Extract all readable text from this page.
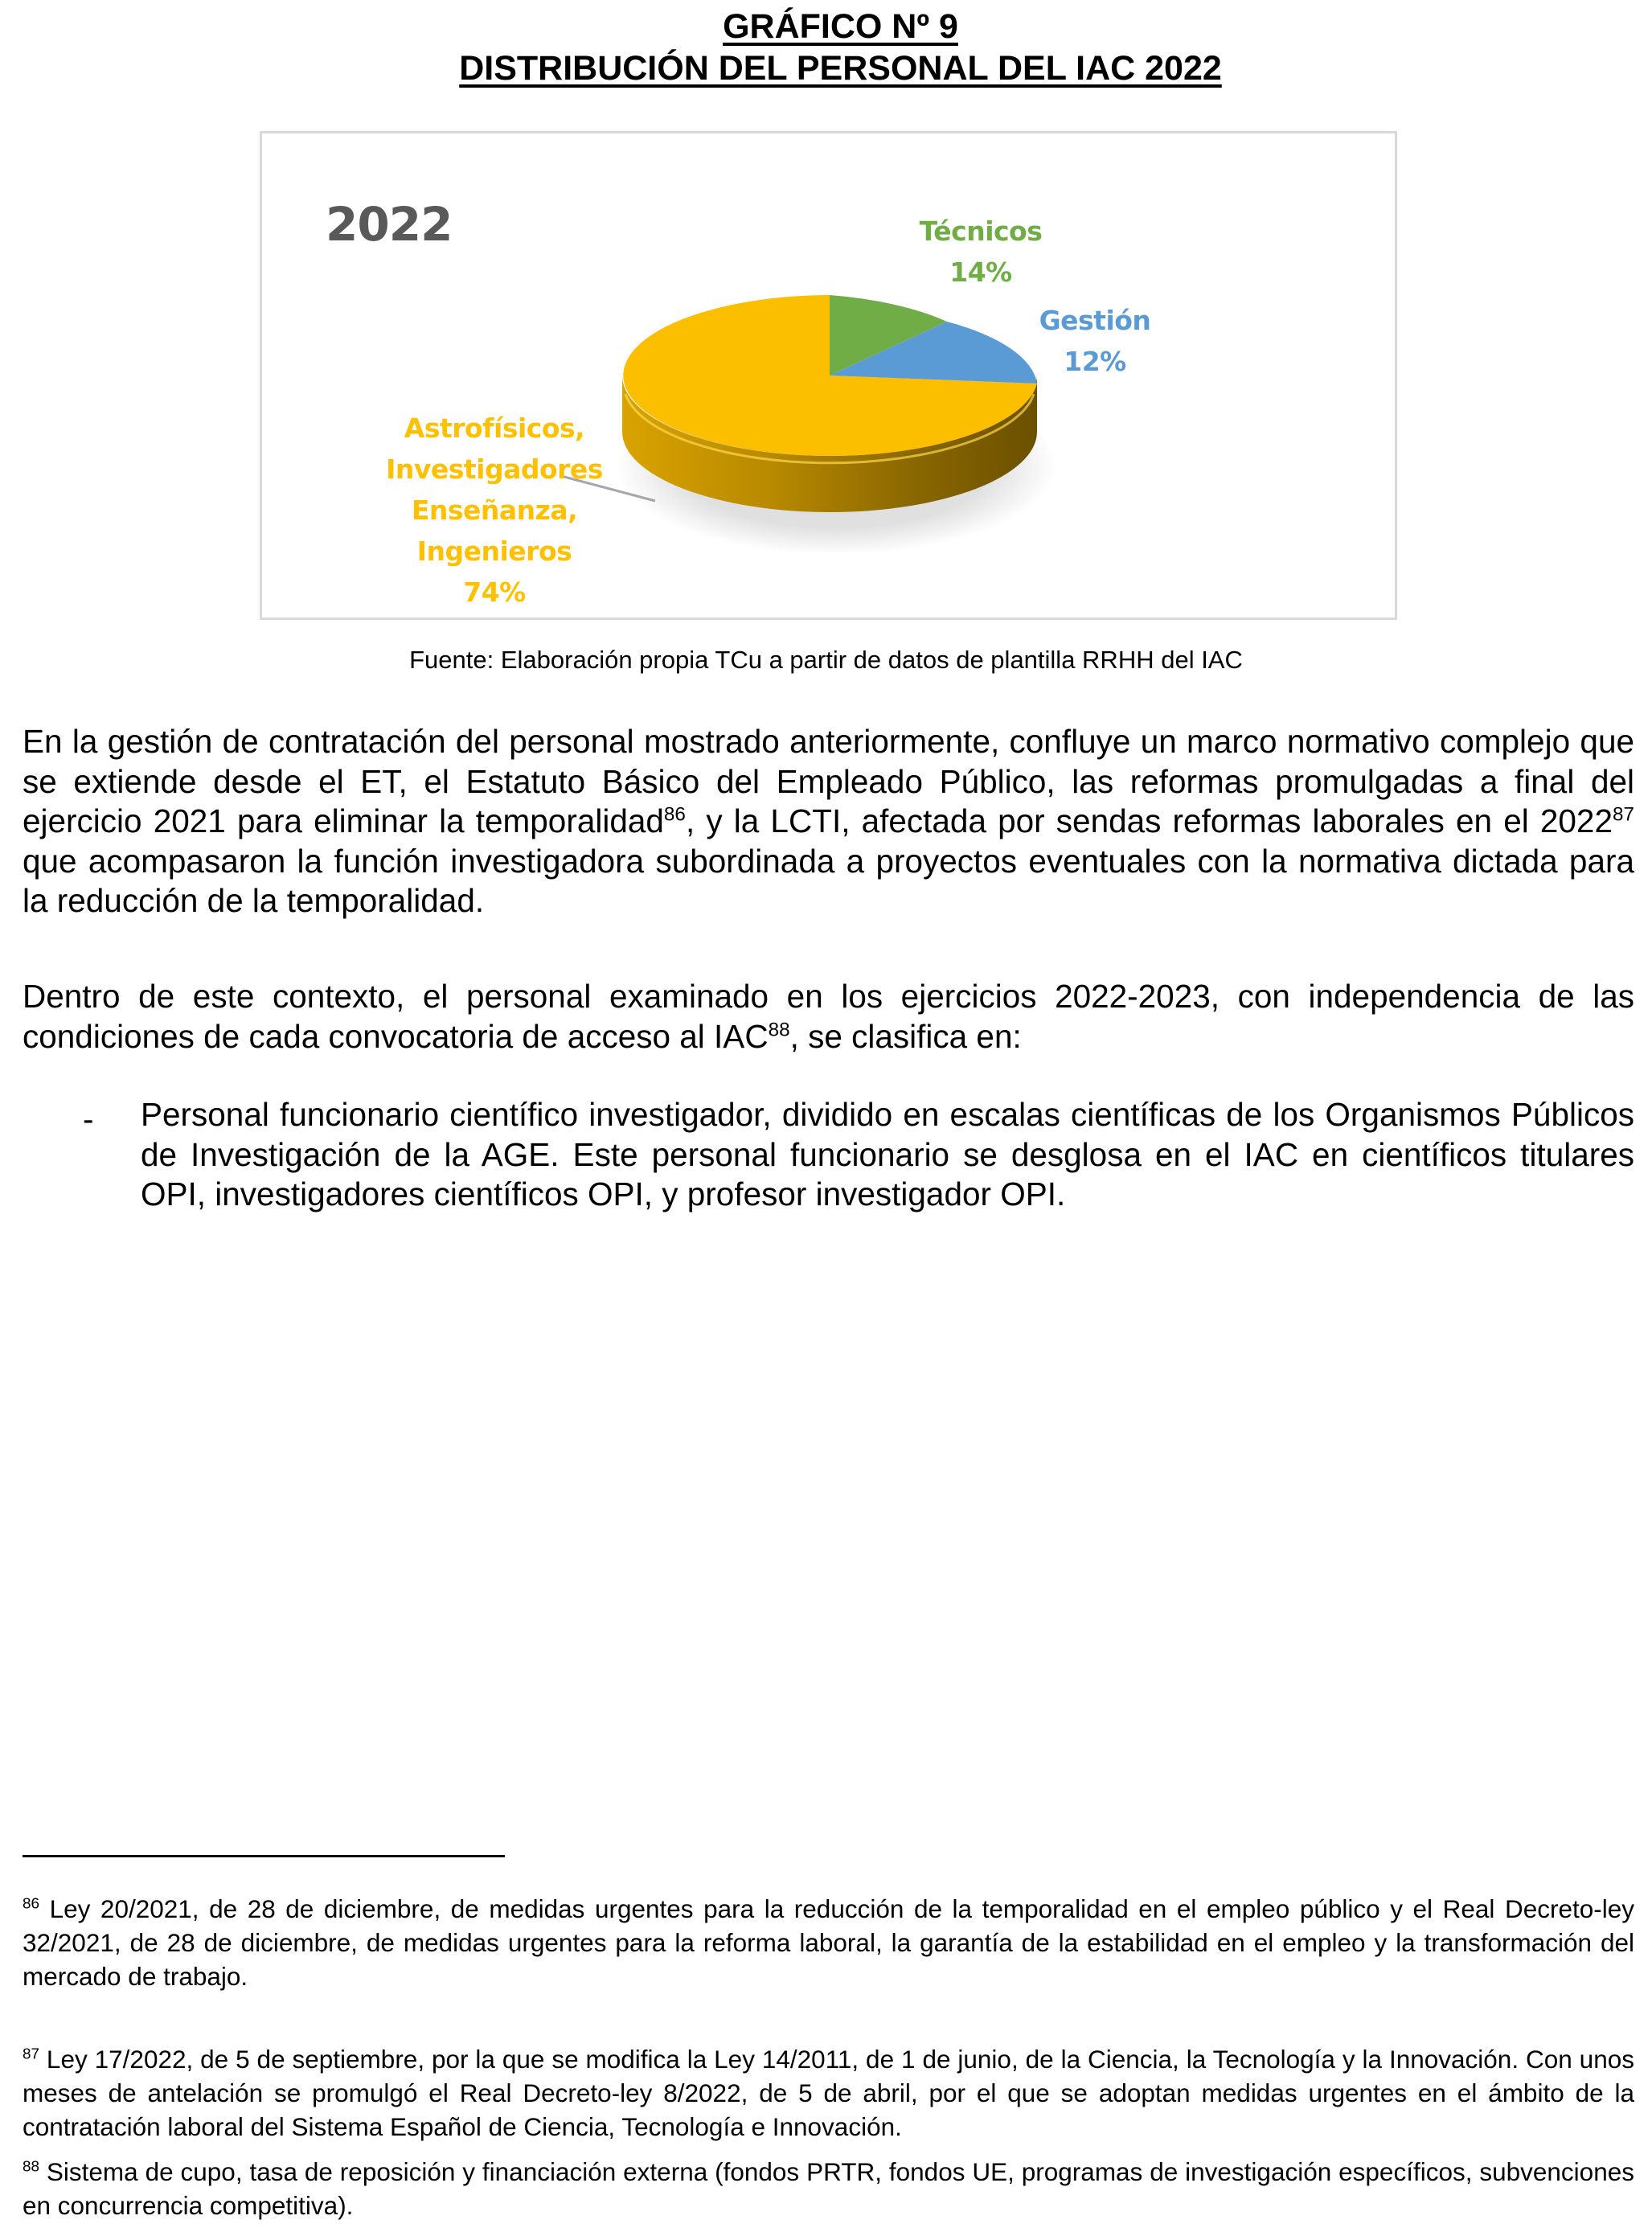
GRÁFICO Nº 9
DISTRIBUCIÓN DEL PERSONAL DEL IAC 2022
2022	Técnicos
14%
Gestión
12%
Astrofísicos,
Investigadores
Enseñanza,
Ingenieros
74%
Fuente: Elaboración propia TCu a partir de datos de plantilla RRHH del IAC
En la gestión de contratación del personal mostrado anteriormente, confluye un marco normativo complejo que se extiende desde el ET, el Estatuto Básico del Empleado Público, las reformas promulgadas a final del ejercicio 2021 para eliminar la temporalidad$^{86}$, y la LCTI, afectada por sendas reformas laborales en el 2022$^{87}$ que acompasaron la función investigadora subordinada a proyectos eventuales con la normativa dictada para la reducción de la temporalidad.
Dentro de este contexto, el personal examinado en los ejercicios 2022-2023, con independencia de las condiciones de cada convocatoria de acceso al IAC$^{88}$, se clasifica en:
- Personal funcionario científico investigador, dividido en escalas científicas de los Organismos Públicos de Investigación de la AGE. Este personal funcionario se desglosa en el IAC en científicos titulares OPI, investigadores científicos OPI, y profesor investigador OPI.
$^{86}$ Ley 20/2021, de 28 de diciembre, de medidas urgentes para la reducción de la temporalidad en el empleo público y el Real Decreto-ley 32/2021, de 28 de diciembre, de medidas urgentes para la reforma laboral, la garantía de la estabilidad en el empleo y la transformación del mercado de trabajo.
$^{87}$ Ley 17/2022, de 5 de septiembre, por la que se modifica la Ley 14/2011, de 1 de junio, de la Ciencia, la Tecnología y la Innovación. Con unos meses de antelación se promulgó el Real Decreto-ley 8/2022, de 5 de abril, por el que se adoptan medidas urgentes en el ámbito de la contratación laboral del Sistema Español de Ciencia, Tecnología e Innovación.
$^{88}$ Sistema de cupo, tasa de reposición y financiación externa (fondos PRTR, fondos UE, programas de investigación específicos, subvenciones en concurrencia competitiva).
